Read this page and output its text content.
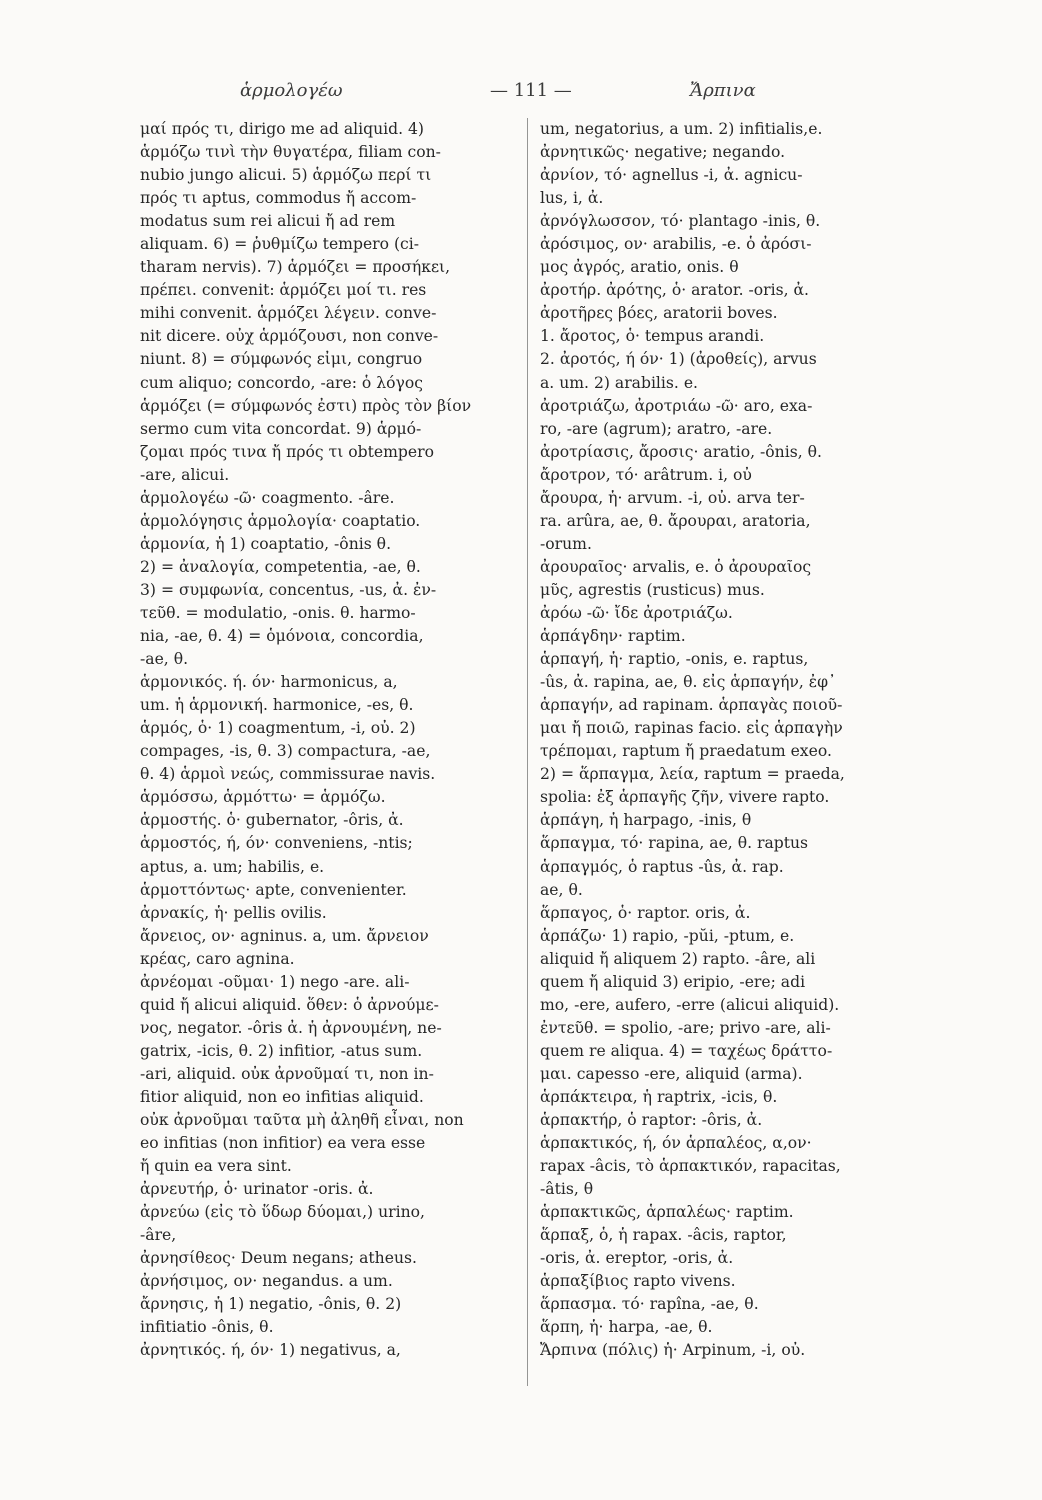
ἁρμολογέω	— 111 —	Ἄρπινα
μαί πρός τι, dirigo me ad aliquid. 4)
ἁρμόζω τινὶ τὴν θυγατέρα, filiam con-
nubio jungo alicui. 5) ἁρμόζω περί τι
πρός τι aptus, commodus ἤ accom-
modatus sum rei alicui ἤ ad rem
aliquam. 6) = ῥυθμίζω tempero (ci-
tharam nervis). 7) ἁρμόζει = προσήκει,
πρέπει. convenit: ἁρμόζει μοί τι. res
mihi convenit. ἁρμόζει λέγειν. conve-
nit dicere. οὐχ ἁρμόζουσι, non conve-
niunt. 8) = σύμφωνός εἰμι, congruo
cum aliquo; concordo, -are: ὁ λόγος
ἁρμόζει (= σύμφωνός ἐστι) πρὸς τὸν βίον
sermo cum vita concordat. 9) ἁρμό-
ζομαι πρός τινα ἤ πρός τι obtempero
-are, alicui.
ἁρμολογέω -ῶ· coagmento. -âre.
ἁρμολόγησις ἁρμολογία· coaptatio.
ἁρμονία, ἡ 1) coaptatio, -ônis θ.
2) = ἀναλογία, competentia, -ae, θ.
3) = συμφωνία, concentus, -us, ἀ. ἐν-
τεῦθ. = modulatio, -onis. θ. harmo-
nia, -ae, θ. 4) = ὁμόνοια, concordia,
-ae, θ.
ἁρμονικός. ή. όν· harmonicus, a,
um. ἡ ἁρμονική. harmonice, -es, θ.
ἁρμός, ὁ· 1) coagmentum, -i, οὐ. 2)
compages, -is, θ. 3) compactura, -ae,
θ. 4) ἁρμοὶ νεώς, commissurae navis.
ἁρμόσσω, ἁρμόττω· = ἁρμόζω.
ἁρμοστής. ὁ· gubernator, -ôris, ἀ.
ἁρμοστός, ή, όν· conveniens, -ntis;
aptus, a. um; habilis, e.
ἁρμοττόντως· apte, convenienter.
ἀρνακίς, ἡ· pellis ovilis.
ἄρνειος, ον· agninus. a, um. ἄρνειον
κρέας, caro agnina.
ἀρνέομαι -οῦμαι· 1) nego -are. ali-
quid ἤ alicui aliquid. ὅθεν: ὁ ἀρνούμε-
νος, negator. -ôris ἀ. ἡ ἀρνουμένη, ne-
gatrix, -icis, θ. 2) infitior, -atus sum.
-ari, aliquid. οὐκ ἀρνοῦμαί τι, non in-
fitior aliquid, non eo infitias aliquid.
οὐκ ἀρνοῦμαι ταῦτα μὴ ἀληθῆ εἶναι, non
eo infitias (non infitior) ea vera esse
ἤ quin ea vera sint.
ἀρνευτήρ, ὁ· urinator -oris. ἀ.
ἀρνεύω (εἰς τὸ ὕδωρ δύομαι,) urino,
-âre,
ἀρνησίθεος· Deum negans; atheus.
ἀρνήσιμος, ον· negandus. a um.
ἄρνησις, ἡ 1) negatio, -ônis, θ. 2)
infitiatio -ônis, θ.
ἀρνητικός. ή, όν· 1) negativus, a,
um, negatorius, a um. 2) infitialis,e.
ἀρνητικῶς· negative; negando.
ἀρνίον, τό· agnellus -i, ἀ. agnicu-
lus, i, ἀ.
ἀρνόγλωσσον, τό· plantago -inis, θ.
ἀρόσιμος, ον· arabilis, -e. ὁ ἀρόσι-
μος ἀγρός, aratio, onis. θ
ἀροτήρ. ἀρότης, ὁ· arator. -oris, ἀ.
ἀροτῆρες βόες, aratorii boves.
1. ἄροτος, ὁ· tempus arandi.
2. ἀροτός, ή όν· 1) (ἀροθείς), arvus
a. um. 2) arabilis. e.
ἀροτριάζω, ἀροτριάω -ῶ· aro, exa-
ro, -are (agrum); aratro, -are.
ἀροτρίασις, ἄροσις· aratio, -ônis, θ.
ἄροτρον, τό· arâtrum. i, οὐ
ἄρουρα, ἡ· arvum. -i, οὐ. arva ter-
ra. arûra, ae, θ. ἄρουραι, aratoria,
-orum.
ἀρουραῖος· arvalis, e. ὁ ἀρουραῖος
μῦς, agrestis (rusticus) mus.
ἀρόω -ῶ· ἴδε ἀροτριάζω.
ἁρπάγδην· raptim.
ἁρπαγή, ἡ· raptio, -onis, e. raptus,
-ûs, ἀ. rapina, ae, θ. εἰς ἁρπαγήν, ἐφ᾽
ἁρπαγήν, ad rapinam. ἁρπαγὰς ποιοῦ-
μαι ἤ ποιῶ, rapinas facio. εἰς ἁρπαγὴν
τρέπομαι, raptum ἤ praedatum exeo.
2) = ἅρπαγμα, λεία, raptum = praeda,
spolia: ἐξ ἁρπαγῆς ζῆν, vivere rapto.
ἁρπάγη, ἡ harpago, -inis, θ
ἅρπαγμα, τό· rapina, ae, θ. raptus
ἁρπαγμός, ὁ raptus -ûs, ἀ. rap.
ae, θ.
ἅρπαγος, ὁ· raptor. oris, ἀ.
ἁρπάζω· 1) rapio, -pŭi, -ptum, e.
aliquid ἤ aliquem 2) rapto. -âre, ali
quem ἤ aliquid 3) eripio, -ere; adi
mo, -ere, aufero, -erre (alicui aliquid).
ἐντεῦθ. = spolio, -are; privo -are, ali-
quem re aliqua. 4) = ταχέως δράττο-
μαι. capesso -ere, aliquid (arma).
ἁρπάκτειρα, ἡ raptrix, -icis, θ.
ἁρπακτήρ, ὁ raptor: -ôris, ἀ.
ἁρπακτικός, ή, όν ἁρπαλέος, α,ον·
rapax -âcis, τὸ ἁρπακτικόν, rapacitas,
-âtis, θ
ἁρπακτικῶς, ἁρπαλέως· raptim.
ἅρπαξ, ὁ, ἡ rapax. -âcis, raptor,
-oris, ἀ. ereptor, -oris, ἀ.
ἁρπαξίβιος rapto vivens.
ἅρπασμα. τό· rapîna, -ae, θ.
ἅρπη, ἡ· harpa, -ae, θ.
Ἄρπινα (πόλις) ἡ· Arpinum, -i, οὐ.
